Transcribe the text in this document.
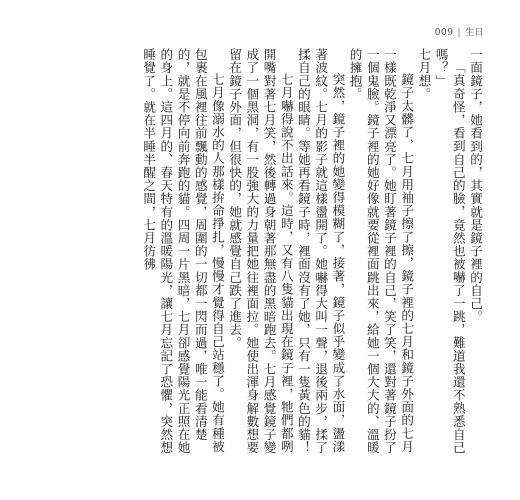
009 | 生日

一面鏡子，她看到的，其實就是鏡子裡的自己。

「真奇怪，看到自己的臉，竟然也被嚇了一跳，難道我還不熟悉自己嗎？」

七月想。

鏡子太髒了，七月用袖子擦了擦，鏡子裡的七月和鏡子外面的七月一樣既乾淨又漂亮了。她盯著鏡子裡的自己，笑了笑，還對著鏡子扮了一個鬼臉。鏡子裡的她好像就要從裡面跳出來，給她一個大大的、溫暖的擁抱。

突然，鏡子裡的她變得模糊了，接著，鏡子似乎變成了水面，盪漾著波紋。七月的影子就這樣盪開了。她嚇得大叫一聲，退後兩步，揉了揉自己的眼睛。等她再看鏡子時，裡面沒有了她，只有一隻黃色的貓！

七月嚇得說不出話來。這時，又有八隻貓出現在鏡子裡，牠們都咧開嘴對著七月笑，然後轉過身朝著那無盡的黑暗跑去。七月感覺鏡子變成了一個黑洞，有一股強大的力量把她往裡面拉。她使出渾身解數想要留在鏡子外面，但很快的，她就感覺自己跌了進去。

七月像溺水的人那樣拚命掙扎，慢慢才覺得自己站穩了。她有種被包裹在風裡往前飄動的感覺，周圍的一切都一閃而過，唯一能看清楚的，就是不停向前奔跑的貓。四周一片黑暗，七月卻感覺陽光正照在她的身上。這四月的、春天特有的溫暖陽光，讓七月忘記了恐懼，突然想睡覺了。就在半睡半醒之間，七月彷彿
